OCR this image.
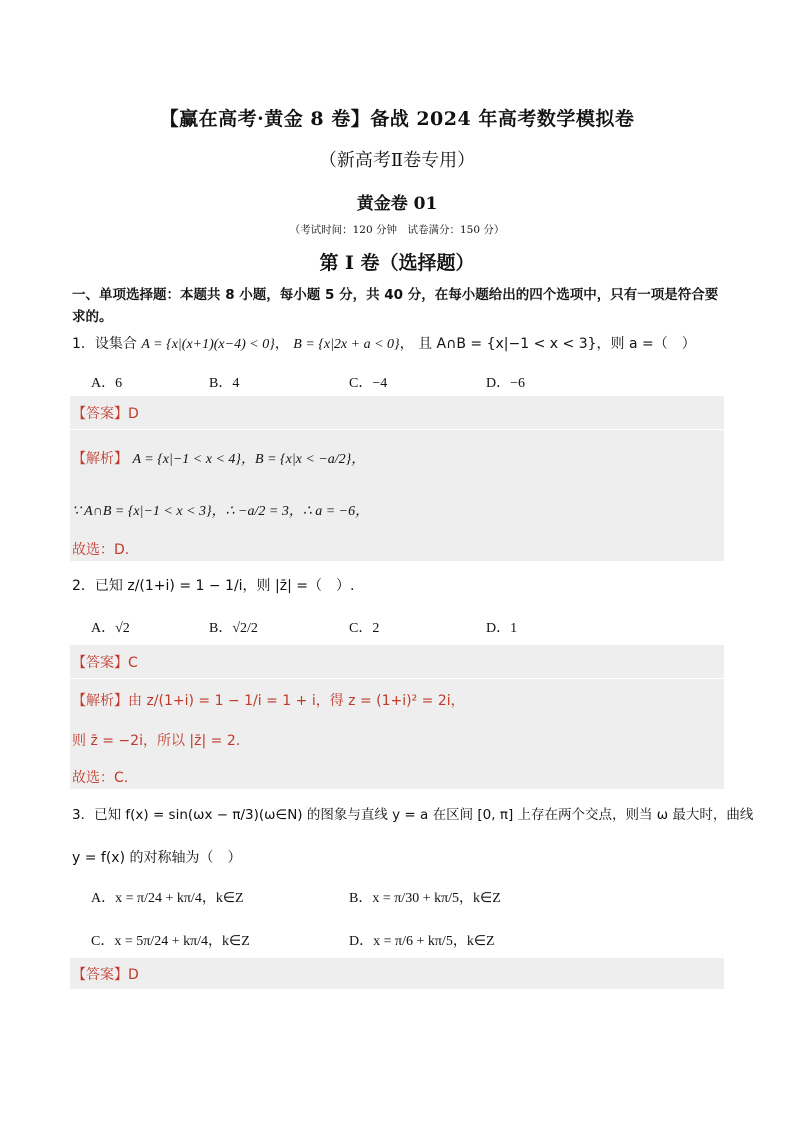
【赢在高考·黄金 8 卷】备战 2024 年高考数学模拟卷
（新高考Ⅱ卷专用）
黄金卷 01
（考试时间：120 分钟　试卷满分：150 分）
第 I 卷（选择题）
一、单项选择题：本题共 8 小题，每小题 5 分，共 40 分，在每小题给出的四个选项中，只有一项是符合要求的。
1．设集合 A = {x|(x+1)(x−4) < 0}， B = {x|2x + a < 0}， 且 A∩B = {x|−1 < x < 3}，则 a =（　）
A．6	B．4	C．−4	D．−6
【答案】D
【解析】 A = {x|−1 < x < 4}，B = {x|x < −a/2}，
∵ A∩B = {x|−1 < x < 3}，∴ −a/2 = 3，∴ a = −6，
故选：D.
2．已知 z/(1+i) = 1 − 1/i，则 |z̄| =（　）.
A．√2	B．√2/2	C．2	D．1
【答案】C
【解析】由 z/(1+i) = 1 − 1/i = 1 + i，得 z = (1+i)² = 2i，
则 z̄ = −2i，所以 |z̄| = 2.
故选：C.
3．已知 f(x) = sin(ωx − π/3)(ω∈N) 的图象与直线 y = a 在区间 [0, π] 上存在两个交点，则当 ω 最大时，曲线
y = f(x) 的对称轴为（　）
A．x = π/24 + kπ/4，k∈Z	B．x = π/30 + kπ/5，k∈Z
C．x = 5π/24 + kπ/4，k∈Z	D．x = π/6 + kπ/5，k∈Z
【答案】D
